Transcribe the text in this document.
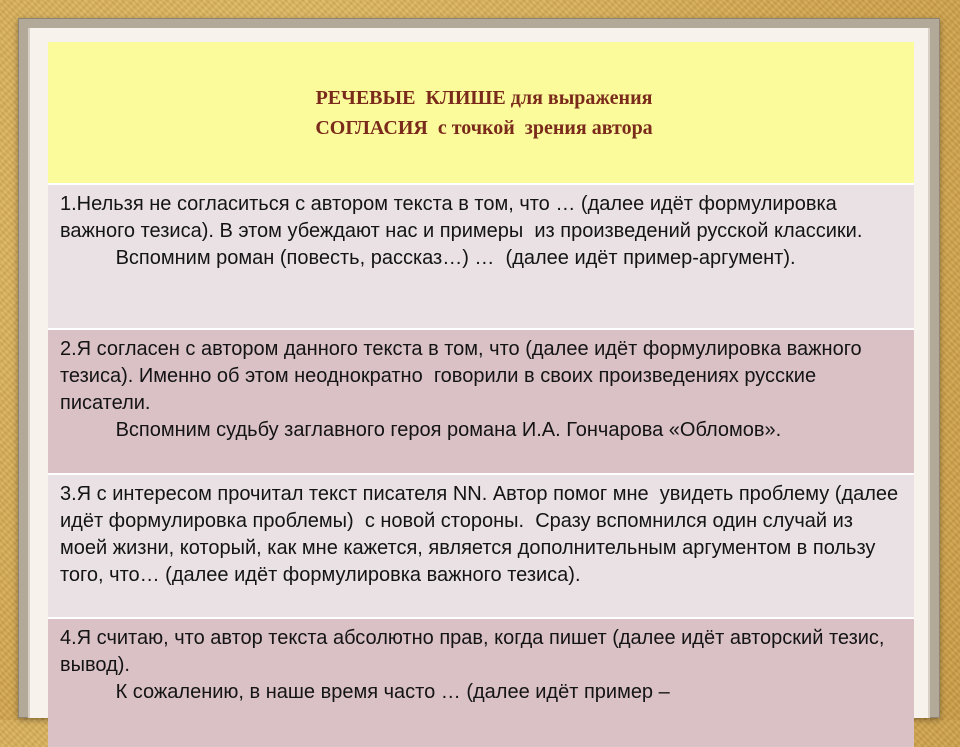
РЕЧЕВЫЕ  КЛИШЕ для выражения
СОГЛАСИЯ  с точкой  зрения автора
1.Нельзя не согласиться с автором текста в том, что … (далее идёт формулировка важного тезиса). В этом убеждают нас и примеры  из произведений русской классики.
Вспомним роман (повесть, рассказ…) …  (далее идёт пример-аргумент).
2.Я согласен с автором данного текста в том, что (далее идёт формулировка важного тезиса). Именно об этом неоднократно  говорили в своих произведениях русские писатели.
Вспомним судьбу заглавного героя романа И.А. Гончарова «Обломов».
3.Я с интересом прочитал текст писателя NN. Автор помог мне  увидеть проблему (далее идёт формулировка проблемы)  с новой стороны.  Сразу вспомнился один случай из моей жизни, который, как мне кажется, является дополнительным аргументом в пользу того, что… (далее идёт формулировка важного тезиса).
4.Я считаю, что автор текста абсолютно прав, когда пишет (далее идёт авторский тезис, вывод).
К сожалению, в наше время часто … (далее идёт пример –
